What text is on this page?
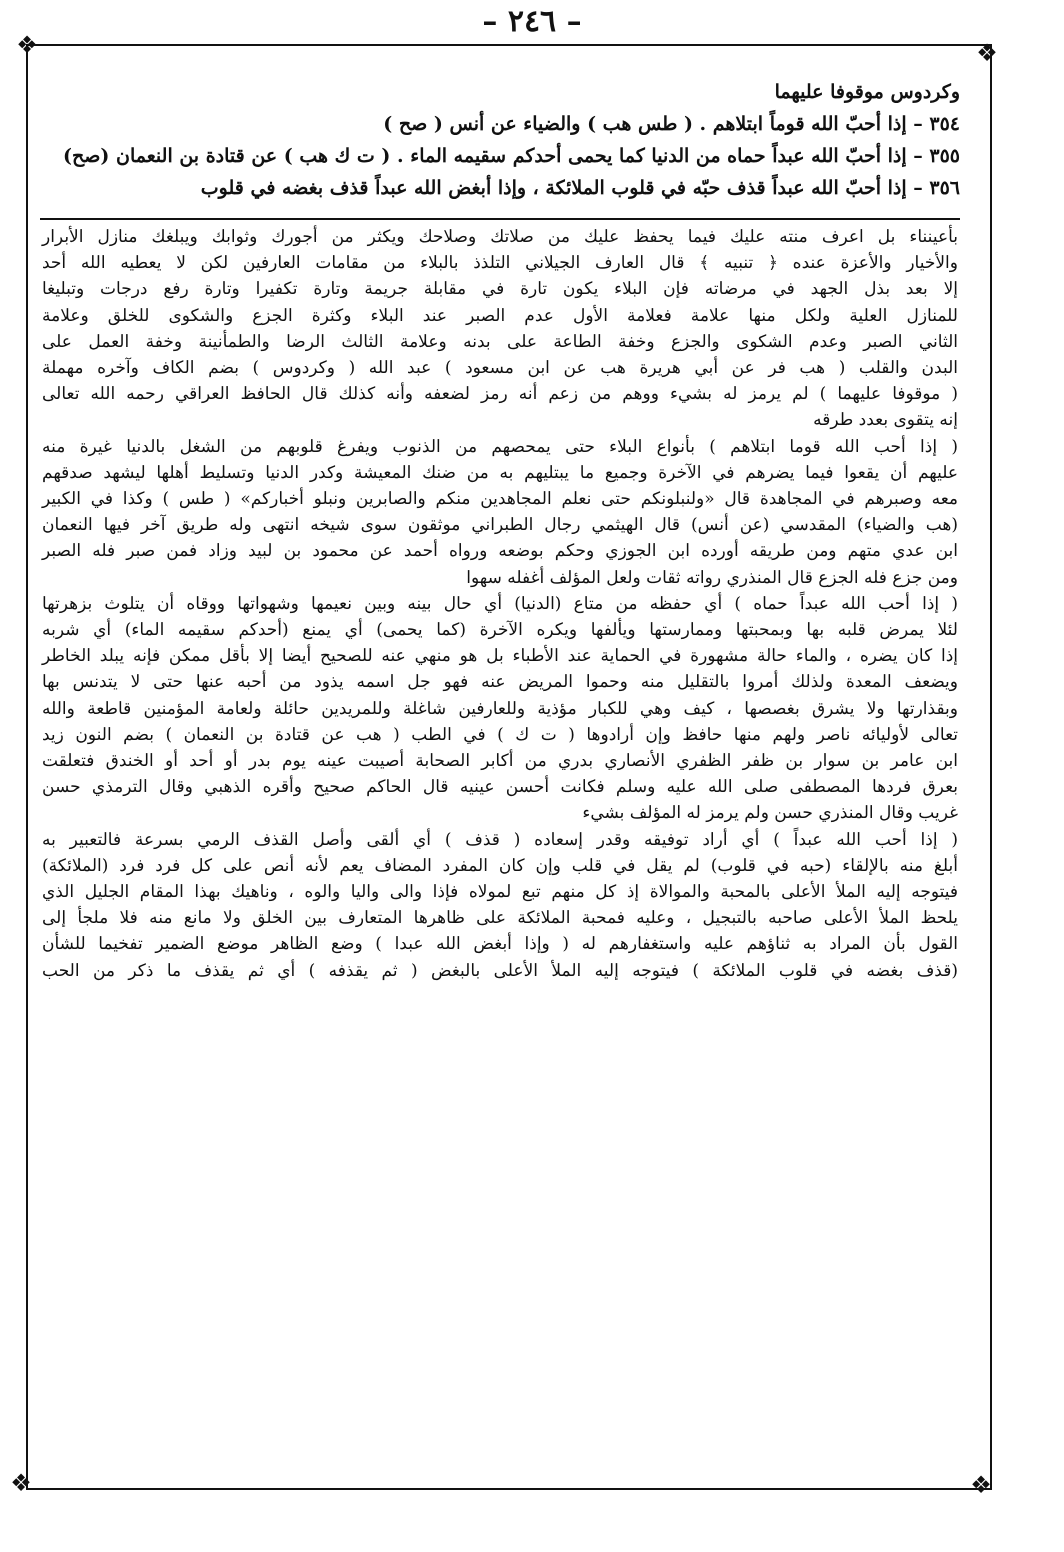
– ٢٤٦ –
❖	❖
❖	❖
وكردوس موقوفا عليهما
٣٥٤ – إذا أحبّ الله قوماً ابتلاهم . ( طس هب ) والضياء عن أنس ( صح )
٣٥٥ – إذا أحبّ الله عبداً حماه من الدنيا كما يحمى أحدكم سقيمه الماء . ( ت ك هب ) عن قتادة بن النعمان (صح)
٣٥٦ – إذا أحبّ الله عبداً قذف حبّه في قلوب الملائكة ، وإذا أبغض الله عبداً قذف بغضه في قلوب
بأعينناء بل اعرف منته عليك فيما يحفظ عليك من صلاتك وصلاحك ويكثر من أجورك وثوابك ويبلغك منازل الأبرار
والأخيار والأعزة عنده ﴿ تنبيه ﴾ قال العارف الجيلاني التلذذ بالبلاء من مقامات العارفين لكن لا يعطيه الله أحد
إلا بعد بذل الجهد في مرضاته فإن البلاء يكون تارة في مقابلة جريمة وتارة تكفيرا وتارة رفع درجات وتبليغا
للمنازل العلية ولكل منها علامة فعلامة الأول عدم الصبر عند البلاء وكثرة الجزع والشكوى للخلق وعلامة
الثاني الصبر وعدم الشكوى والجزع وخفة الطاعة على بدنه وعلامة الثالث الرضا والطمأنينة وخفة العمل على
البدن والقلب ( هب فر عن أبي هريرة هب عن ابن مسعود ) عبد الله ( وكردوس ) بضم الكاف وآخره مهملة
( موقوفا عليهما ) لم يرمز له بشيء ووهم من زعم أنه رمز لضعفه وأنه كذلك قال الحافظ العراقي رحمه الله تعالى
إنه يتقوى بعدد طرقه
( إذا أحب الله قوما ابتلاهم ) بأنواع البلاء حتى يمحصهم من الذنوب ويفرغ قلوبهم من الشغل بالدنيا غيرة منه
عليهم أن يقعوا فيما يضرهم في الآخرة وجميع ما يبتليهم به من ضنك المعيشة وكدر الدنيا وتسليط أهلها ليشهد صدقهم
معه وصبرهم في المجاهدة قال «ولنبلونكم حتى نعلم المجاهدين منكم والصابرين ونبلو أخباركم» ( طس ) وكذا في الكبير
(هب والضياء) المقدسي (عن أنس) قال الهيثمي رجال الطبراني موثقون سوى شيخه انتهى وله طريق آخر فيها النعمان
ابن عدي متهم ومن طريقه أورده ابن الجوزي وحكم بوضعه ورواه أحمد عن محمود بن لبيد وزاد فمن صبر فله الصبر
ومن جزع فله الجزع قال المنذري رواته ثقات ولعل المؤلف أغفله سهوا
( إذا أحب الله عبداً حماه ) أي حفظه من متاع (الدنيا) أي حال بينه وبين نعيمها وشهواتها ووقاه أن يتلوث بزهرتها
لئلا يمرض قلبه بها وبمحبتها وممارستها ويألفها ويكره الآخرة (كما يحمى) أي يمنع (أحدكم سقيمه الماء) أي شربه
إذا كان يضره ، والماء حالة مشهورة في الحماية عند الأطباء بل هو منهي عنه للصحيح أيضا إلا بأقل ممكن فإنه يبلد الخاطر
ويضعف المعدة ولذلك أمروا بالتقليل منه وحموا المريض عنه فهو جل اسمه يذود من أحبه عنها حتى لا يتدنس بها
وبقذارتها ولا يشرق بغصصها ، كيف وهي للكبار مؤذية وللعارفين شاغلة وللمريدين حائلة ولعامة المؤمنين قاطعة والله
تعالى لأوليائه ناصر ولهم منها حافظ وإن أرادوها ( ت ك ) في الطب ( هب عن قتادة بن النعمان ) بضم النون زيد
ابن عامر بن سوار بن ظفر الظفري الأنصاري بدري من أكابر الصحابة أصيبت عينه يوم بدر أو أحد أو الخندق فتعلقت
بعرق فردها المصطفى صلى الله عليه وسلم فكانت أحسن عينيه قال الحاكم صحيح وأقره الذهبي وقال الترمذي حسن
غريب وقال المنذري حسن ولم يرمز له المؤلف بشيء
( إذا أحب الله عبداً ) أي أراد توفيقه وقدر إسعاده ( قذف ) أي ألقى وأصل القذف الرمي بسرعة فالتعبير به
أبلغ منه بالإلقاء (حبه في قلوب) لم يقل في قلب وإن كان المفرد المضاف يعم لأنه أنص على كل فرد فرد (الملائكة)
فيتوجه إليه الملأ الأعلى بالمحبة والموالاة إذ كل منهم تبع لمولاه فإذا والى واليا والوه ، وناهيك بهذا المقام الجليل الذي
يلحظ الملأ الأعلى صاحبه بالتبجيل ، وعليه فمحبة الملائكة على ظاهرها المتعارف بين الخلق ولا مانع منه فلا ملجأ إلى
القول بأن المراد به ثناؤهم عليه واستغفارهم له ( وإذا أبغض الله عبدا ) وضع الظاهر موضع الضمير تفخيما للشأن
(قذف بغضه في قلوب الملائكة ) فيتوجه إليه الملأ الأعلى بالبغض ( ثم يقذفه ) أي ثم يقذف ما ذكر من الحب
